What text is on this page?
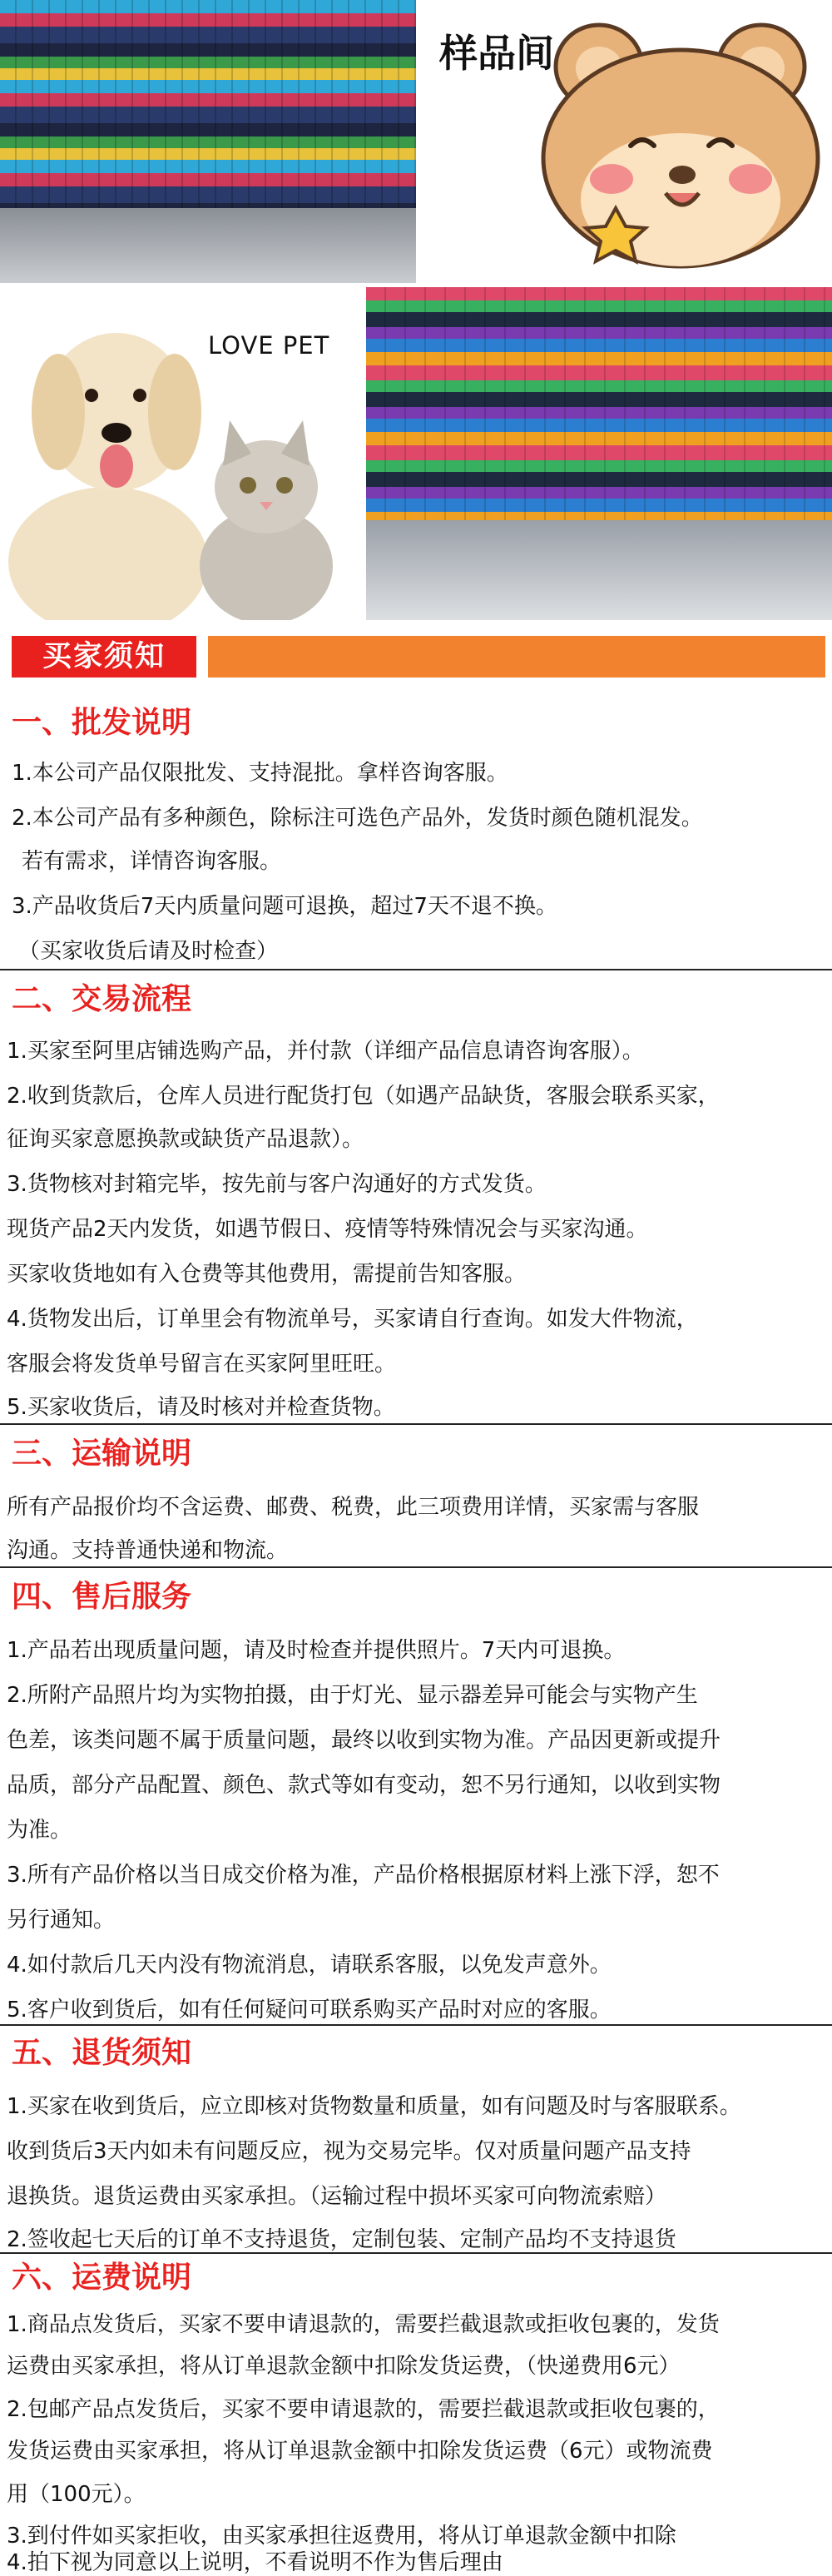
样品间
LOVE PET
买家须知
一、批发说明
1.本公司产品仅限批发、支持混批。拿样咨询客服。
2.本公司产品有多种颜色，除标注可选色产品外，发货时颜色随机混发。
若有需求，详情咨询客服。
3.产品收货后7天内质量问题可退换，超过7天不退不换。
（买家收货后请及时检查）
二、交易流程
1.买家至阿里店铺选购产品，并付款（详细产品信息请咨询客服）。
2.收到货款后，仓库人员进行配货打包（如遇产品缺货，客服会联系买家，
征询买家意愿换款或缺货产品退款）。
3.货物核对封箱完毕，按先前与客户沟通好的方式发货。
现货产品2天内发货，如遇节假日、疫情等特殊情况会与买家沟通。
买家收货地如有入仓费等其他费用，需提前告知客服。
4.货物发出后，订单里会有物流单号，买家请自行查询。如发大件物流，
客服会将发货单号留言在买家阿里旺旺。
5.买家收货后，请及时核对并检查货物。
三、运输说明
所有产品报价均不含运费、邮费、税费，此三项费用详情，买家需与客服
沟通。支持普通快递和物流。
四、售后服务
1.产品若出现质量问题，请及时检查并提供照片。7天内可退换。
2.所附产品照片均为实物拍摄，由于灯光、显示器差异可能会与实物产生
色差，该类问题不属于质量问题，最终以收到实物为准。产品因更新或提升
品质，部分产品配置、颜色、款式等如有变动，恕不另行通知，以收到实物
为准。
3.所有产品价格以当日成交价格为准，产品价格根据原材料上涨下浮，恕不
另行通知。
4.如付款后几天内没有物流消息，请联系客服，以免发声意外。
5.客户收到货后，如有任何疑问可联系购买产品时对应的客服。
五、退货须知
1.买家在收到货后，应立即核对货物数量和质量，如有问题及时与客服联系。
收到货后3天内如未有问题反应，视为交易完毕。仅对质量问题产品支持
退换货。退货运费由买家承担。（运输过程中损坏买家可向物流索赔）
2.签收起七天后的订单不支持退货，定制包装、定制产品均不支持退货
六、运费说明
1.商品点发货后，买家不要申请退款的，需要拦截退款或拒收包裹的，发货
运费由买家承担，将从订单退款金额中扣除发货运费，（快递费用6元）
2.包邮产品点发货后，买家不要申请退款的，需要拦截退款或拒收包裹的，
发货运费由买家承担，将从订单退款金额中扣除发货运费（6元）或物流费
用（100元）。
3.到付件如买家拒收，由买家承担往返费用，将从订单退款金额中扣除
4.拍下视为同意以上说明，不看说明不作为售后理由
